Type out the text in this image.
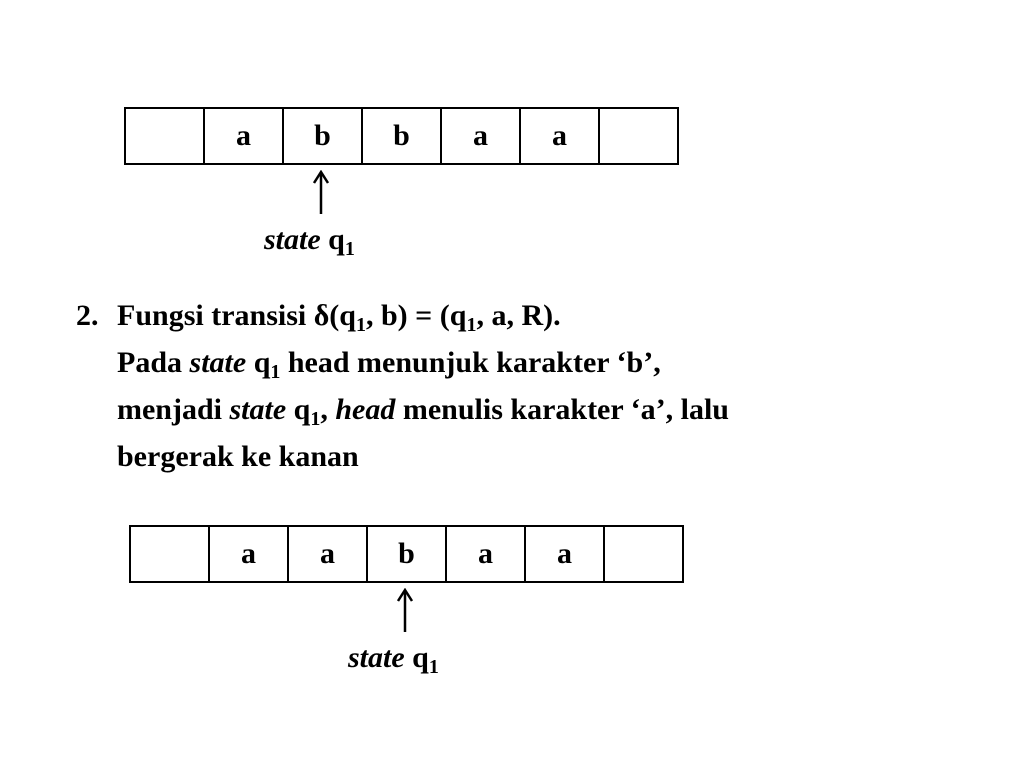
	a	b	b	a	a	
state $q_1$
2. Fungsi transisi $\delta(q_1$, $b) = (q_1$, a, R).
Pada state $q_1$ head menunjuk karakter ‘b’,
menjadi state $q_1$, head menulis karakter ‘a’, lalu
bergerak ke kanan
	a	a	b	a	a	
state $q_1$
